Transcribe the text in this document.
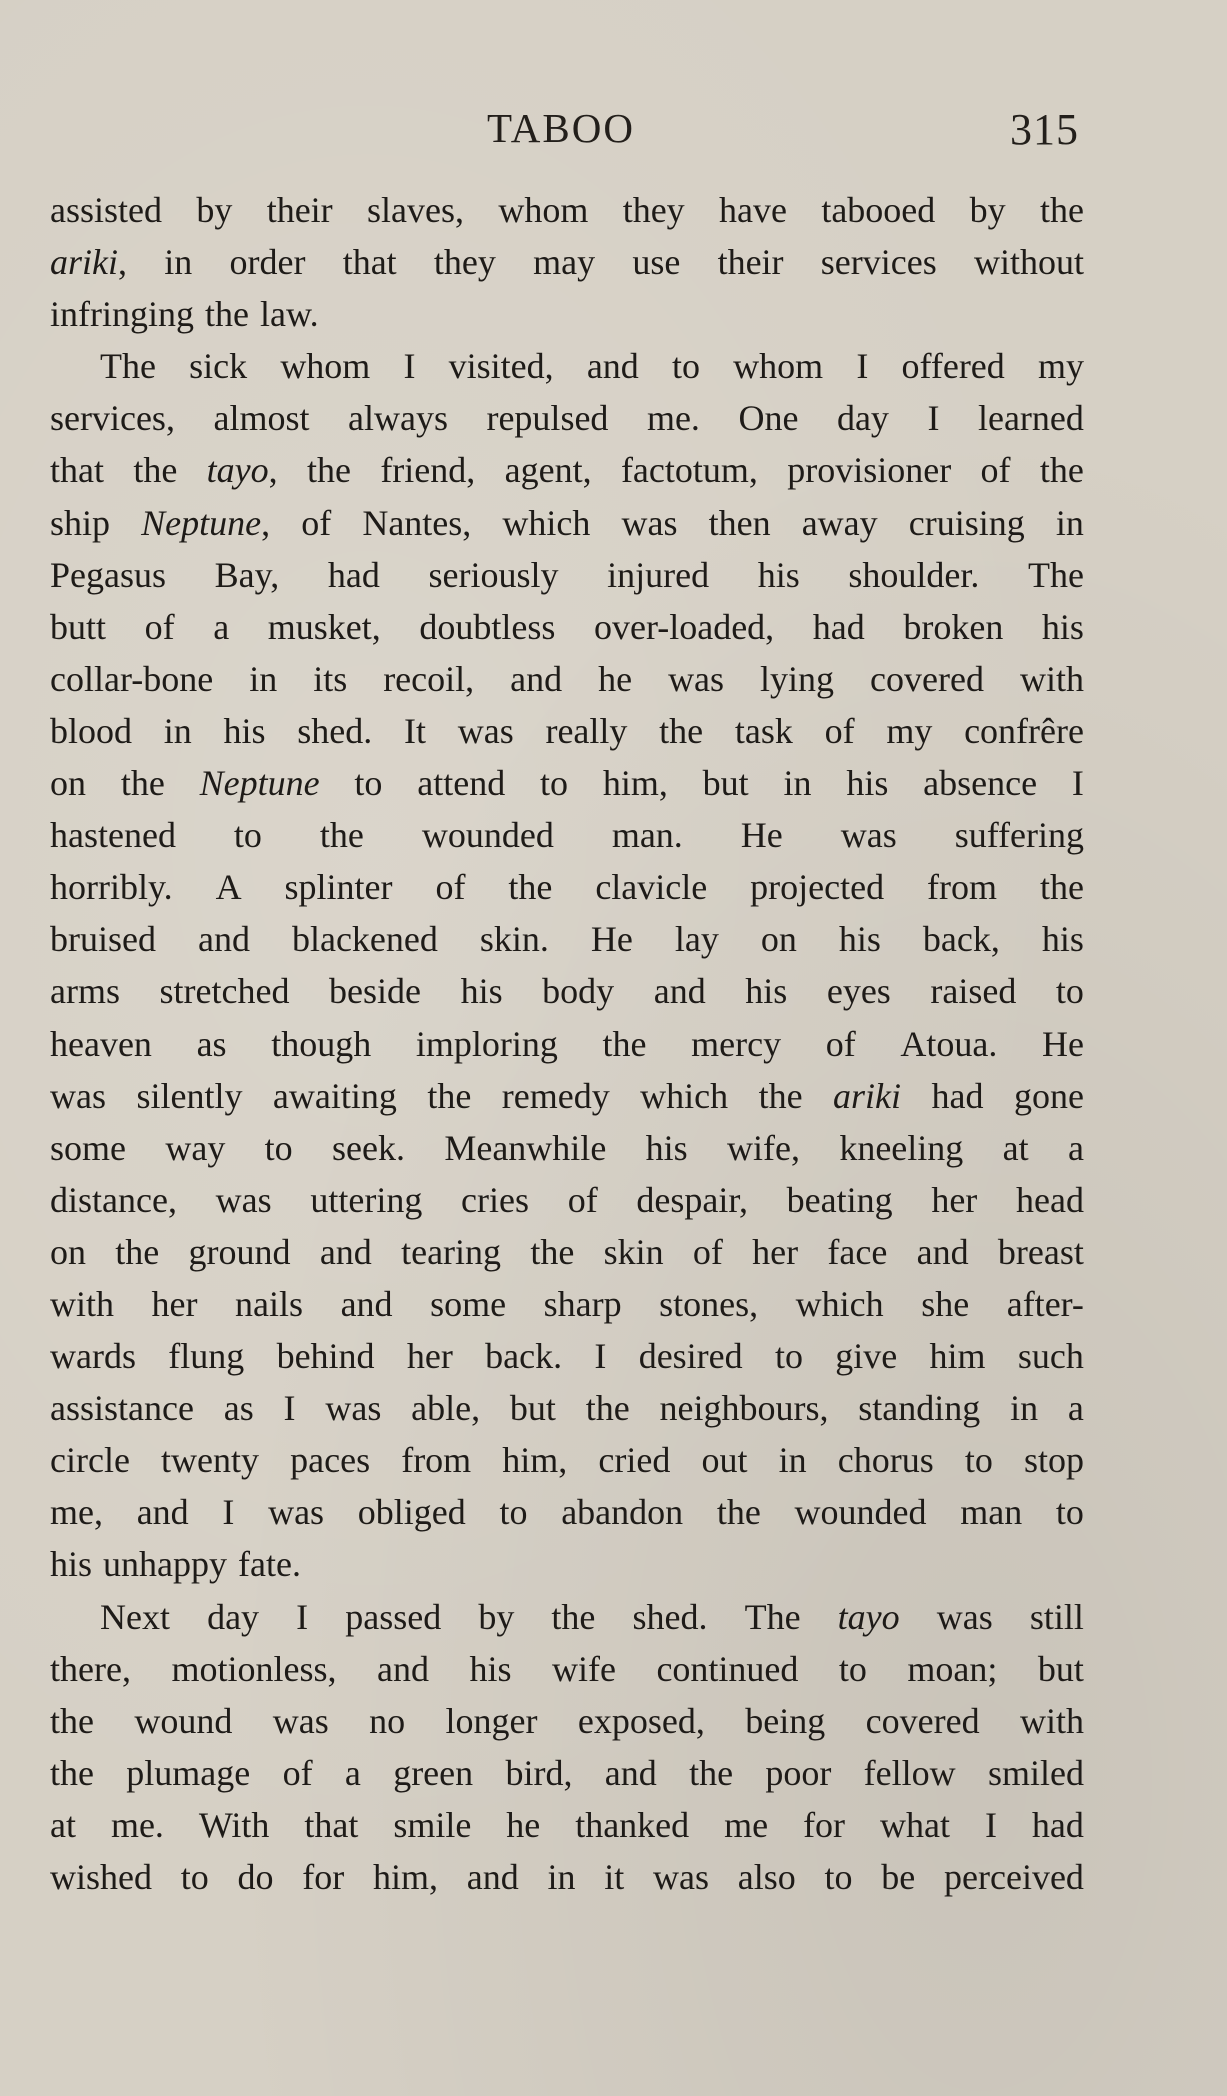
TABOO	315
assisted by their slaves, whom they have tabooed by the
ariki, in order that they may use their services without
infringing the law.
The sick whom I visited, and to whom I offered my
services, almost always repulsed me. One day I learned
that the tayo, the friend, agent, factotum, provisioner of the
ship Neptune, of Nantes, which was then away cruising in
Pegasus Bay, had seriously injured his shoulder. The
butt of a musket, doubtless over-loaded, had broken his
collar-bone in its recoil, and he was lying covered with
blood in his shed. It was really the task of my confrêre
on the Neptune to attend to him, but in his absence I
hastened to the wounded man. He was suffering
horribly. A splinter of the clavicle projected from the
bruised and blackened skin. He lay on his back, his
arms stretched beside his body and his eyes raised to
heaven as though imploring the mercy of Atoua. He
was silently awaiting the remedy which the ariki had gone
some way to seek. Meanwhile his wife, kneeling at a
distance, was uttering cries of despair, beating her head
on the ground and tearing the skin of her face and breast
with her nails and some sharp stones, which she after-
wards flung behind her back. I desired to give him such
assistance as I was able, but the neighbours, standing in a
circle twenty paces from him, cried out in chorus to stop
me, and I was obliged to abandon the wounded man to
his unhappy fate.
Next day I passed by the shed. The tayo was still
there, motionless, and his wife continued to moan; but
the wound was no longer exposed, being covered with
the plumage of a green bird, and the poor fellow smiled
at me. With that smile he thanked me for what I had
wished to do for him, and in it was also to be perceived
